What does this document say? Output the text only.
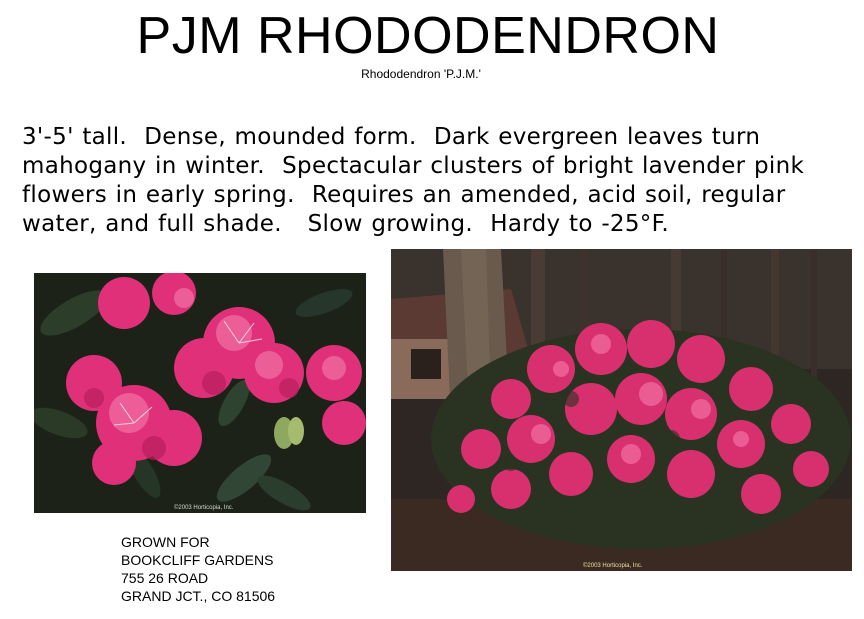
PJM RHODODENDRON
Rhododendron 'P.J.M.'
3'-5' tall.  Dense, mounded form.  Dark evergreen leaves turn
mahogany in winter.  Spectacular clusters of bright lavender pink
flowers in early spring.  Requires an amended, acid soil, regular
water, and full shade.   Slow growing.  Hardy to -25°F.
©2003 Horticopia, Inc.
©2003 Horticopia, Inc.
GROWN FOR
BOOKCLIFF GARDENS
755 26 ROAD
GRAND JCT., CO 81506
